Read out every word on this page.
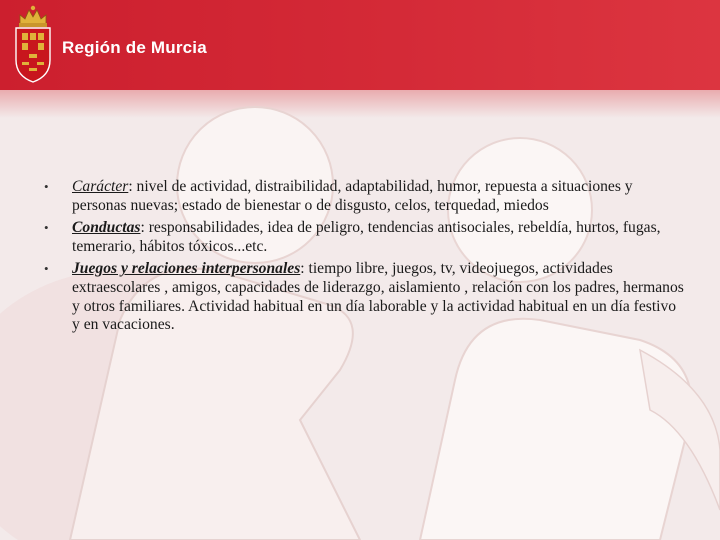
Región de Murcia
• Carácter: nivel de actividad, distraibilidad, adaptabilidad, humor, repuesta a situaciones y personas nuevas; estado de bienestar o de disgusto, celos, terquedad, miedos
• Conductas: responsabilidades, idea de peligro, tendencias antisociales, rebeldía, hurtos, fugas, temerario, hábitos tóxicos...etc.
• Juegos y relaciones interpersonales: tiempo libre, juegos, tv, videojuegos, actividades extraescolares , amigos, capacidades de liderazgo, aislamiento , relación con los padres, hermanos y otros familiares. Actividad habitual en un día laborable y la actividad habitual en un día festivo y en vacaciones.
